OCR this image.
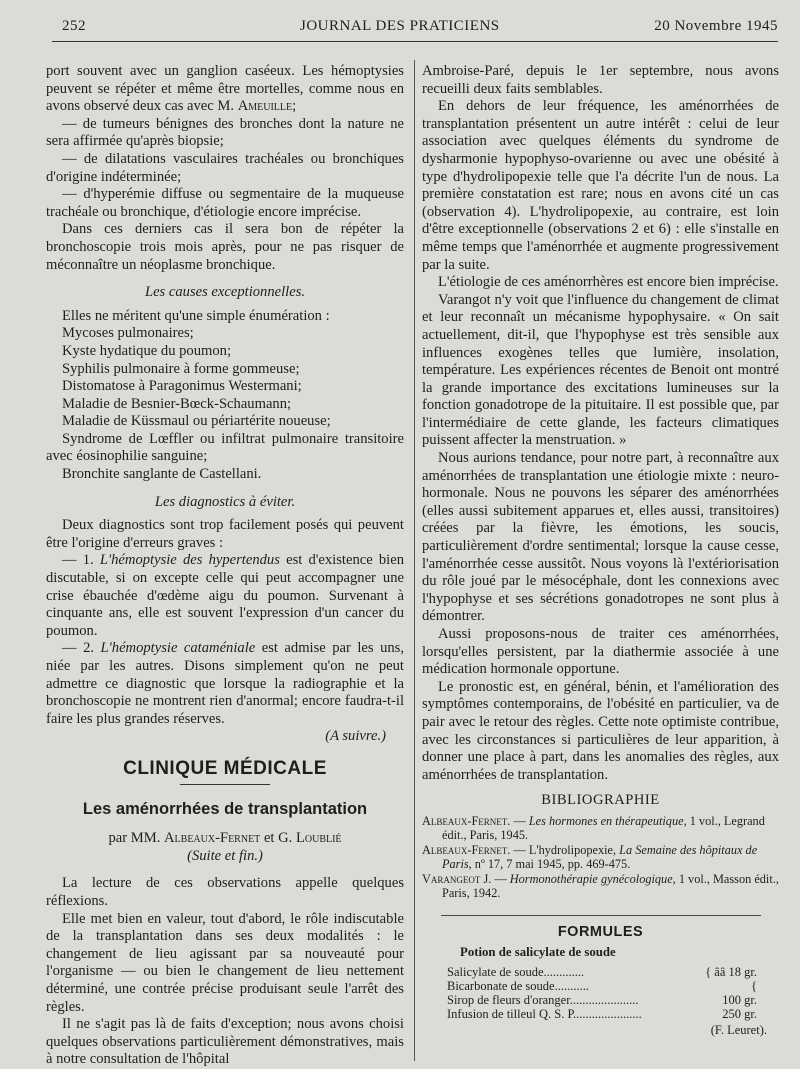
252	JOURNAL DES PRATICIENS	20 Novembre 1945

port souvent avec un ganglion caséeux. Les hémoptysies peuvent se répéter et même être mortelles, comme nous en avons observé deux cas avec M. Ameuille;

— de tumeurs bénignes des bronches dont la nature ne sera affirmée qu'après biopsie;

— de dilatations vasculaires trachéales ou bronchiques d'origine indéterminée;

— d'hyperémie diffuse ou segmentaire de la muqueuse trachéale ou bronchique, d'étiologie encore imprécise.

Dans ces derniers cas il sera bon de répéter la bronchoscopie trois mois après, pour ne pas risquer de méconnaître un néoplasme bronchique.

Les causes exceptionnelles.

Elles ne méritent qu'une simple énumération :

Mycoses pulmonaires;

Kyste hydatique du poumon;

Syphilis pulmonaire à forme gommeuse;

Distomatose à Paragonimus Westermani;

Maladie de Besnier-Bœck-Schaumann;

Maladie de Küssmaul ou périartérite noueuse;

Syndrome de Lœffler ou infiltrat pulmonaire transitoire avec éosinophilie sanguine;

Bronchite sanglante de Castellani.

Les diagnostics à éviter.

Deux diagnostics sont trop facilement posés qui peuvent être l'origine d'erreurs graves :

— 1. L'hémoptysie des hypertendus est d'existence bien discutable, si on excepte celle qui peut accompagner une crise ébauchée d'œdème aigu du poumon. Survenant à cinquante ans, elle est souvent l'expression d'un cancer du poumon.

— 2. L'hémoptysie cataméniale est admise par les uns, niée par les autres. Disons simplement qu'on ne peut admettre ce diagnostic que lorsque la radiographie et la bronchoscopie ne montrent rien d'anormal; encore faudra-t-il faire les plus grandes réserves.

(A suivre.)

CLINIQUE MÉDICALE
Les aménorrhées de transplantation

par MM. Albeaux-Fernet et G. Loublié

(Suite et fin.)

La lecture de ces observations appelle quelques réflexions.

Elle met bien en valeur, tout d'abord, le rôle indiscutable de la transplantation dans ses deux modalités : le changement de lieu agissant par sa nouveauté pour l'organisme — ou bien le changement de lieu nettement déterminé, une contrée précise produisant seule l'arrêt des règles.

Il ne s'agit pas là de faits d'exception; nous avons choisi quelques observations particulièrement démonstratives, mais à notre consultation de l'hôpital

Ambroise-Paré, depuis le 1er septembre, nous avons recueilli deux faits semblables.

En dehors de leur fréquence, les aménorrhées de transplantation présentent un autre intérêt : celui de leur association avec quelques éléments du syndrome de dysharmonie hypophyso-ovarienne ou avec une obésité à type d'hydrolipopexie telle que l'a décrite l'un de nous. La première constatation est rare; nous en avons cité un cas (observation 4). L'hydrolipopexie, au contraire, est loin d'être exceptionnelle (observations 2 et 6) : elle s'installe en même temps que l'aménorrhée et augmente progressivement par la suite.

L'étiologie de ces aménorrhères est encore bien imprécise.

Varangot n'y voit que l'influence du changement de climat et leur reconnaît un mécanisme hypophysaire. « On sait actuellement, dit-il, que l'hypophyse est très sensible aux influences exogènes telles que lumière, insolation, température. Les expériences récentes de Benoit ont montré la grande importance des excitations lumineuses sur la fonction gonadotrope de la pituitaire. Il est possible que, par l'intermédiaire de cette glande, les facteurs climatiques puissent affecter la menstruation. »

Nous aurions tendance, pour notre part, à reconnaître aux aménorrhées de transplantation une étiologie mixte : neuro-hormonale. Nous ne pouvons les séparer des aménorrhées (elles aussi subitement apparues et, elles aussi, transitoires) créées par la fièvre, les émotions, les soucis, particulièrement d'ordre sentimental; lorsque la cause cesse, l'aménorrhée cesse aussitôt. Nous voyons là l'extériorisation du rôle joué par le mésocéphale, dont les connexions avec l'hypophyse et ses sécrétions gonadotropes ne sont plus à démontrer.

Aussi proposons-nous de traiter ces aménorrhées, lorsqu'elles persistent, par la diathermie associée à une médication hormonale opportune.

Le pronostic est, en général, bénin, et l'amélioration des symptômes contemporains, de l'obésité en particulier, va de pair avec le retour des règles. Cette note optimiste contribue, avec les circonstances si particulières de leur apparition, à donner une place à part, dans les anomalies des règles, aux aménorrhées de transplantation.

BIBLIOGRAPHIE

Albeaux-Fernet. — Les hormones en thérapeutique, 1 vol., Legrand édit., Paris, 1945.

Albeaux-Fernet. — L'hydrolipopexie, La Semaine des hôpitaux de Paris, nº 17, 7 mai 1945, pp. 469-475.

Varangeot J. — Hormonothérapie gynécologique, 1 vol., Masson édit., Paris, 1942.

FORMULES
Potion de salicylate de soude
Salicylate de soude.............	{ ââ 18 gr.
Bicarbonate de soude...........	{
Sirop de fleurs d'oranger......................	100 gr.
Infusion de tilleul Q. S. P......................	250 gr.
(F. Leuret).
